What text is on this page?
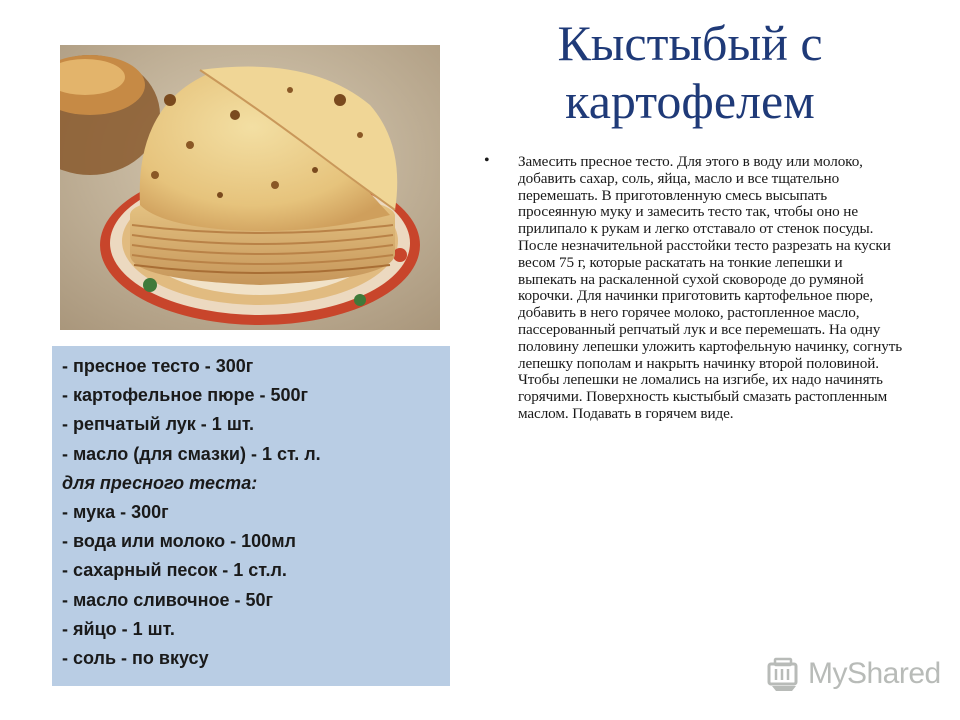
Кыстыбый с картофелем
- пресное тесто - 300г
- картофельное пюре - 500г
- репчатый лук - 1 шт.
- масло (для смазки) - 1 ст. л.
для пресного теста:
- мука - 300г
- вода или молоко - 100мл
- сахарный песок - 1 ст.л.
- масло сливочное - 50г
- яйцо - 1 шт.
- соль - по вкусу
• Замесить пресное тесто. Для этого в воду или молоко, добавить сахар, соль, яйца, масло и все тщательно перемешать. В приготовленную смесь высыпать просеянную муку и замесить тесто так, чтобы оно не прилипало к рукам и легко отставало от стенок посуды. После незначительной расстойки тесто разрезать на куски весом 75 г, которые раскатать на тонкие лепешки и выпекать на раскаленной сухой сковороде до румяной корочки. Для начинки приготовить картофельное пюре, добавить в него горячее молоко, растопленное масло, пассерованный репчатый лук и все перемешать. На одну половину лепешки уложить картофельную начинку, согнуть лепешку пополам и накрыть начинку второй половиной. Чтобы лепешки не ломались на изгибе, их надо начинять горячими. Поверхность кыстыбый смазать растопленным маслом. Подавать в горячем виде.
MyShared
